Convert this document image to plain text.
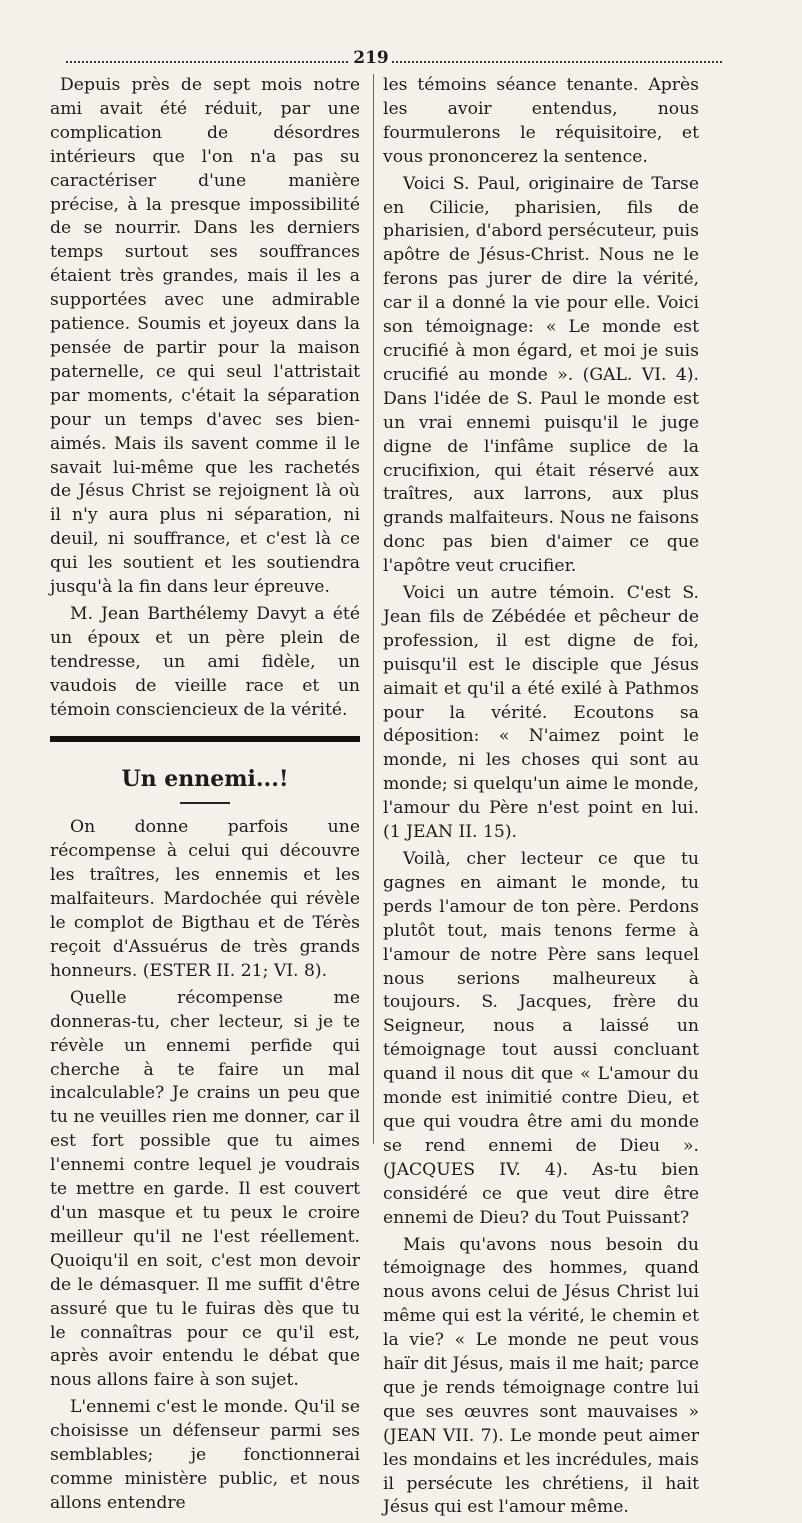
219

Depuis près de sept mois notre ami avait été réduit, par une complication de désordres intérieurs que l'on n'a pas su caractériser d'une manière précise, à la presque impossibilité de se nourrir. Dans les derniers temps surtout ses souffrances étaient très grandes, mais il les a supportées avec une admirable patience. Soumis et joyeux dans la pensée de partir pour la maison paternelle, ce qui seul l'attristait par moments, c'était la séparation pour un temps d'avec ses bien-aimés. Mais ils savent comme il le savait lui-même que les rachetés de Jésus Christ se rejoignent là où il n'y aura plus ni séparation, ni deuil, ni souffrance, et c'est là ce qui les soutient et les soutiendra jusqu'à la fin dans leur épreuve.

M. Jean Barthélemy Davyt a été un époux et un père plein de tendresse, un ami fidèle, un vaudois de vieille race et un témoin consciencieux de la vérité.

Un ennemi...!

On donne parfois une récompense à celui qui découvre les traîtres, les ennemis et les malfaiteurs. Mardochée qui révèle le complot de Bigthau et de Térès reçoit d'Assuérus de très grands honneurs. (ESTER II. 21; VI. 8).

Quelle récompense me donneras-tu, cher lecteur, si je te révèle un ennemi perfide qui cherche à te faire un mal incalculable? Je crains un peu que tu ne veuilles rien me donner, car il est fort possible que tu aimes l'ennemi contre lequel je voudrais te mettre en garde. Il est couvert d'un masque et tu peux le croire meilleur qu'il ne l'est réellement. Quoiqu'il en soit, c'est mon devoir de le démasquer. Il me suffit d'être assuré que tu le fuiras dès que tu le connaîtras pour ce qu'il est, après avoir entendu le débat que nous allons faire à son sujet.

L'ennemi c'est le monde. Qu'il se choisisse un défenseur parmi ses semblables; je fonctionnerai comme ministère public, et nous allons entendre

les témoins séance tenante. Après les avoir entendus, nous fourmulerons le réquisitoire, et vous prononcerez la sentence.

Voici S. Paul, originaire de Tarse en Cilicie, pharisien, fils de pharisien, d'abord persécuteur, puis apôtre de Jésus-Christ. Nous ne le ferons pas jurer de dire la vérité, car il a donné la vie pour elle. Voici son témoignage: « Le monde est crucifié à mon égard, et moi je suis crucifié au monde ». (GAL. VI. 4). Dans l'idée de S. Paul le monde est un vrai ennemi puisqu'il le juge digne de l'infâme suplice de la crucifixion, qui était réservé aux traîtres, aux larrons, aux plus grands malfaiteurs. Nous ne faisons donc pas bien d'aimer ce que l'apôtre veut crucifier.

Voici un autre témoin. C'est S. Jean fils de Zébédée et pêcheur de profession, il est digne de foi, puisqu'il est le disciple que Jésus aimait et qu'il a été exilé à Pathmos pour la vérité. Ecoutons sa déposition: « N'aimez point le monde, ni les choses qui sont au monde; si quelqu'un aime le monde, l'amour du Père n'est point en lui. (1 JEAN II. 15).

Voilà, cher lecteur ce que tu gagnes en aimant le monde, tu perds l'amour de ton père. Perdons plutôt tout, mais tenons ferme à l'amour de notre Père sans lequel nous serions malheureux à toujours. S. Jacques, frère du Seigneur, nous a laissé un témoignage tout aussi concluant quand il nous dit que « L'amour du monde est inimitié contre Dieu, et que qui voudra être ami du monde se rend ennemi de Dieu ». (JACQUES IV. 4). As-tu bien considéré ce que veut dire être ennemi de Dieu? du Tout Puissant?

Mais qu'avons nous besoin du témoignage des hommes, quand nous avons celui de Jésus Christ lui même qui est la vérité, le chemin et la vie? « Le monde ne peut vous haïr dit Jésus, mais il me hait; parce que je rends témoignage contre lui que ses œuvres sont mauvaises » (JEAN VII. 7). Le monde peut aimer les mondains et les incrédules, mais il persécute les chrétiens, il hait Jésus qui est l'amour même.
